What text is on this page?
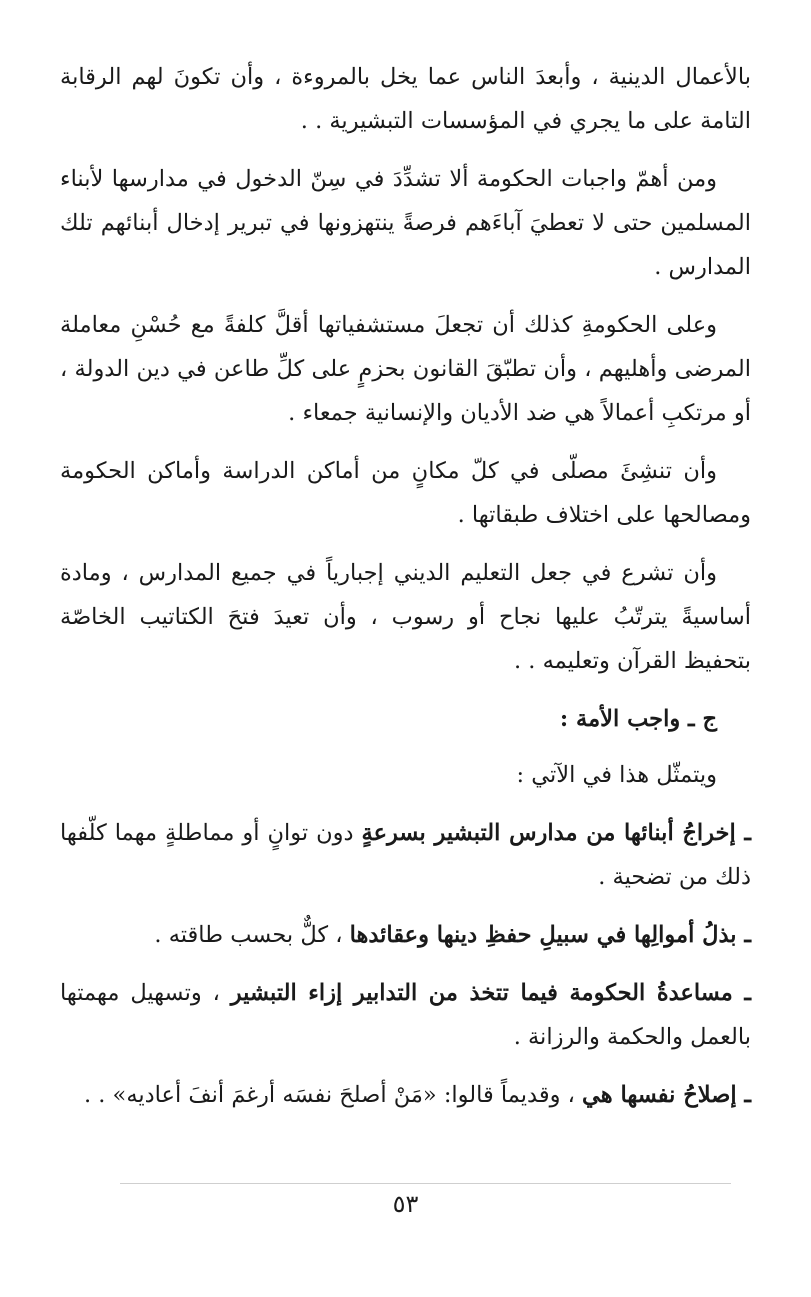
بالأعمال الدينية ، وأبعدَ الناس عما يخل بالمروءة ، وأن تكونَ لهم الرقابة التامة على ما يجري في المؤسسات التبشيرية . .

ومن أهمّ واجبات الحكومة ألا تشدِّدَ في سِنّ الدخول في مدارسها لأبناء المسلمين حتى لا تعطيَ آباءَهم فرصةً ينتهزونها في تبرير إدخال أبنائهم تلك المدارس .

وعلى الحكومةِ كذلك أن تجعلَ مستشفياتها أقلَّ كلفةً مع حُسْنِ معاملة المرضى وأهليهم ، وأن تطبّقَ القانون بحزمٍ على كلِّ طاعن في دين الدولة ، أو مرتكبِ أعمالاً هي ضد الأديان والإنسانية جمعاء .

وأن تنشِئَ مصلّى في كلّ مكانٍ من أماكن الدراسة وأماكن الحكومة ومصالحها على اختلاف طبقاتها .

وأن تشرع في جعل التعليم الديني إجبارياً في جميع المدارس ، ومادة أساسيةً يترتّبُ عليها نجاح أو رسوب ، وأن تعيدَ فتحَ الكتاتيب الخاصّة بتحفيظ القرآن وتعليمه . .

ج ـ واجب الأمة :

ويتمثّل هذا في الآتي :

ـ إخراجُ أبنائها من مدارس التبشير بسرعةٍ دون توانٍ أو مماطلةٍ مهما كلّفها ذلك من تضحية .

ـ بذلُ أموالِها في سبيلِ حفظِ دينها وعقائدها ، كلٌّ بحسب طاقته .

ـ مساعدةُ الحكومة فيما تتخذ من التدابير إزاء التبشير ، وتسهيل مهمتها بالعمل والحكمة والرزانة .

ـ إصلاحُ نفسها هي ، وقديماً قالوا: «مَنْ أصلحَ نفسَه أرغمَ أنفَ أعاديه» . .

٥٣
